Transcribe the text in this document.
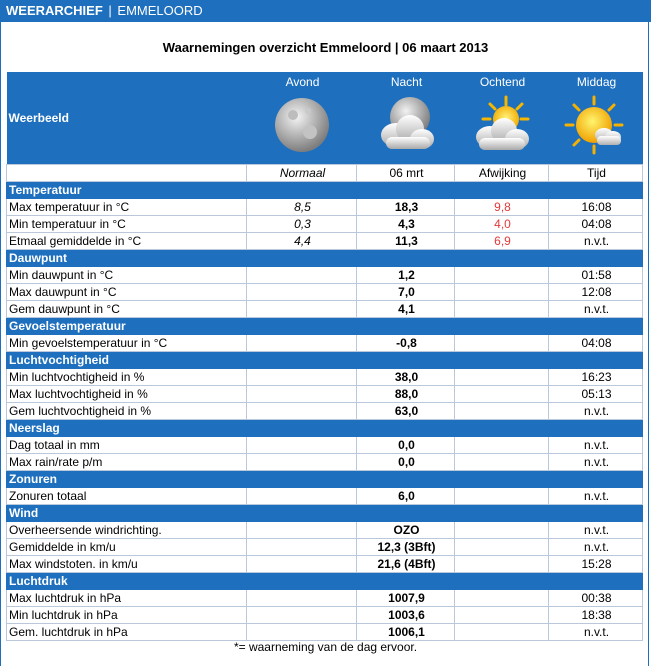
WEERARCHIEF | EMMELOORD
Waarnemingen overzicht Emmeloord | 06 maart 2013
Weerbeeld	Avond	Nacht	Ochtend	Middag

	Normaal	06 mrt	Afwijking	Tijd
Temperatuur				
Max temperatuur in °C	8,5	18,3	9,8	16:08
Min temperatuur in °C	0,3	4,3	4,0	04:08
Etmaal gemiddelde in °C	4,4	11,3	6,9	n.v.t.
Dauwpunt				
Min dauwpunt in °C		1,2		01:58
Max dauwpunt in °C		7,0		12:08
Gem dauwpunt in °C		4,1		n.v.t.
Gevoelstemperatuur				
Min gevoelstemperatuur in °C		-0,8		04:08
Luchtvochtigheid				
Min luchtvochtigheid in %		38,0		16:23
Max luchtvochtigheid in %		88,0		05:13
Gem luchtvochtigheid in %		63,0		n.v.t.
Neerslag				
Dag totaal in mm		0,0		n.v.t.
Max rain/rate p/m		0,0		n.v.t.
Zonuren				
Zonuren totaal		6,0		n.v.t.
Wind				
Overheersende windrichting.		OZO		n.v.t.
Gemiddelde in km/u		12,3 (3Bft)		n.v.t.
Max windstoten. in km/u		21,6 (4Bft)		15:28
Luchtdruk				
Max luchtdruk in hPa		1007,9		00:38
Min luchtdruk in hPa		1003,6		18:38
Gem. luchtdruk in hPa		1006,1		n.v.t.
*= waarneming van de dag ervoor.
